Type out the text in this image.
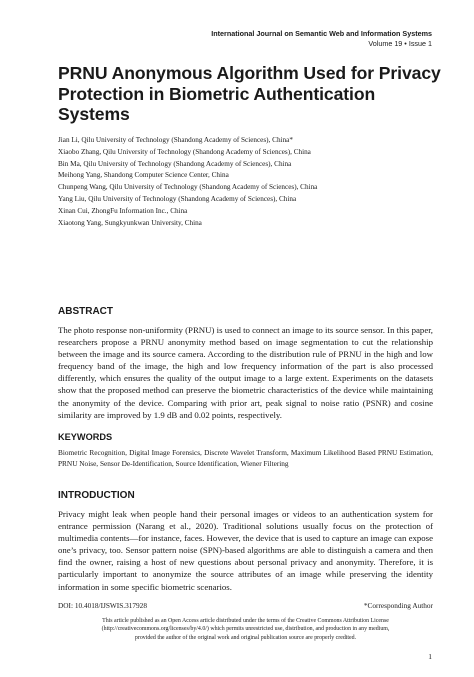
International Journal on Semantic Web and Information Systems
Volume 19 • Issue 1
PRNU Anonymous Algorithm Used for Privacy Protection in Biometric Authentication Systems
Jian Li, Qilu University of Technology (Shandong Academy of Sciences), China*
Xiaobo Zhang, Qilu University of Technology (Shandong Academy of Sciences), China
Bin Ma, Qilu University of Technology (Shandong Academy of Sciences), China
Meihong Yang, Shandong Computer Science Center, China
Chunpeng Wang, Qilu University of Technology (Shandong Academy of Sciences), China
Yang Liu, Qilu University of Technology (Shandong Academy of Sciences), China
Xinan Cui, ZhongFu Information Inc., China
Xiaotong Yang, Sungkyunkwan University, China
ABSTRACT

The photo response non-uniformity (PRNU) is used to connect an image to its source sensor. In this paper, researchers propose a PRNU anonymity method based on image segmentation to cut the relationship between the image and its source camera. According to the distribution rule of PRNU in the high and low frequency band of the image, the high and low frequency information of the part is also processed differently, which ensures the quality of the output image to a large extent. Experiments on the datasets show that the proposed method can preserve the biometric characteristics of the device while maintaining the anonymity of the device. Comparing with prior art, peak signal to noise ratio (PSNR) and cosine similarity are improved by 1.9 dB and 0.02 points, respectively.

KEYWORDS

Biometric Recognition, Digital Image Forensics, Discrete Wavelet Transform, Maximum Likelihood Based PRNU Estimation, PRNU Noise, Sensor De-Identification, Source Identification, Wiener Filtering

INTRODUCTION

Privacy might leak when people hand their personal images or videos to an authentication system for entrance permission (Narang et al., 2020). Traditional solutions usually focus on the protection of multimedia contents—for instance, faces. However, the device that is used to capture an image can expose one’s privacy, too. Sensor pattern noise (SPN)-based algorithms are able to distinguish a camera and then find the owner, raising a host of new questions about personal privacy and anonymity. Therefore, it is particularly important to anonymize the source attributes of an image while preserving the identity information in some specific biometric scenarios.

DOI: 10.4018/IJSWIS.317928	*Corresponding Author

This article published as an Open Access article distributed under the terms of the Creative Commons Attribution License
(http://creativecommons.org/licenses/by/4.0/) which permits unrestricted use, distribution, and production in any medium,
provided the author of the original work and original publication source are properly credited.

1
